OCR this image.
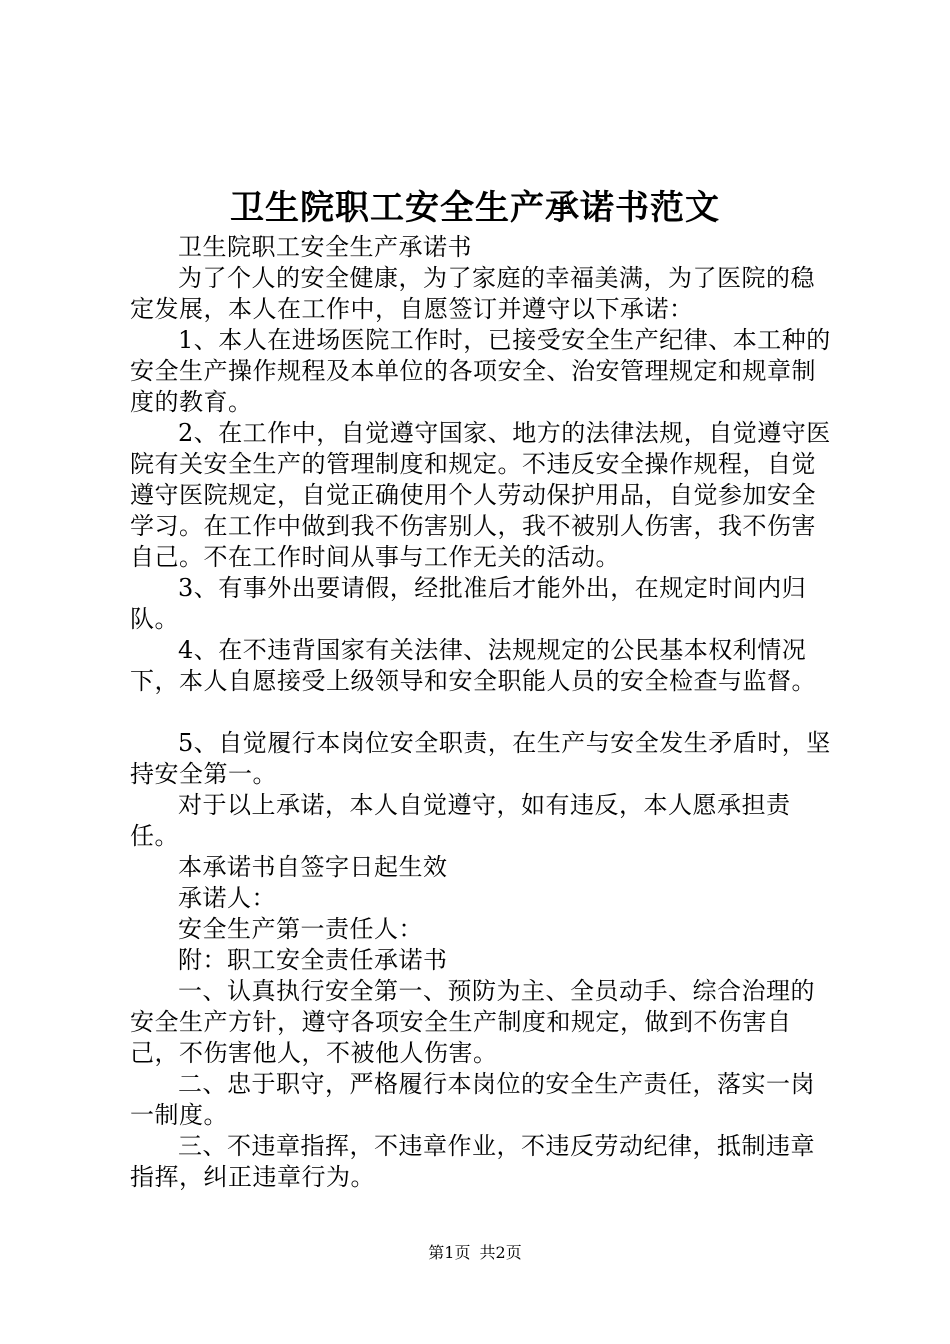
卫生院职工安全生产承诺书范文

卫生院职工安全生产承诺书

为了个人的安全健康，为了家庭的幸福美满，为了医院的稳定发展，本人在工作中，自愿签订并遵守以下承诺：

1、本人在进场医院工作时，已接受安全生产纪律、本工种的安全生产操作规程及本单位的各项安全、治安管理规定和规章制度的教育。

2、在工作中，自觉遵守国家、地方的法律法规，自觉遵守医院有关安全生产的管理制度和规定。不违反安全操作规程，自觉遵守医院规定，自觉正确使用个人劳动保护用品，自觉参加安全学习。在工作中做到我不伤害别人，我不被别人伤害，我不伤害自己。不在工作时间从事与工作无关的活动。

3、有事外出要请假，经批准后才能外出，在规定时间内归队。

4、在不违背国家有关法律、法规规定的公民基本权利情况下，本人自愿接受上级领导和安全职能人员的安全检查与监督。

5、自觉履行本岗位安全职责，在生产与安全发生矛盾时，坚持安全第一。

对于以上承诺，本人自觉遵守，如有违反，本人愿承担责任。

本承诺书自签字日起生效

承诺人：

安全生产第一责任人：

附：职工安全责任承诺书

一、认真执行安全第一、预防为主、全员动手、综合治理的安全生产方针，遵守各项安全生产制度和规定，做到不伤害自己，不伤害他人，不被他人伤害。

二、忠于职守，严格履行本岗位的安全生产责任，落实一岗一制度。

三、不违章指挥，不违章作业，不违反劳动纪律，抵制违章指挥，纠正违章行为。

第1页 共2页
